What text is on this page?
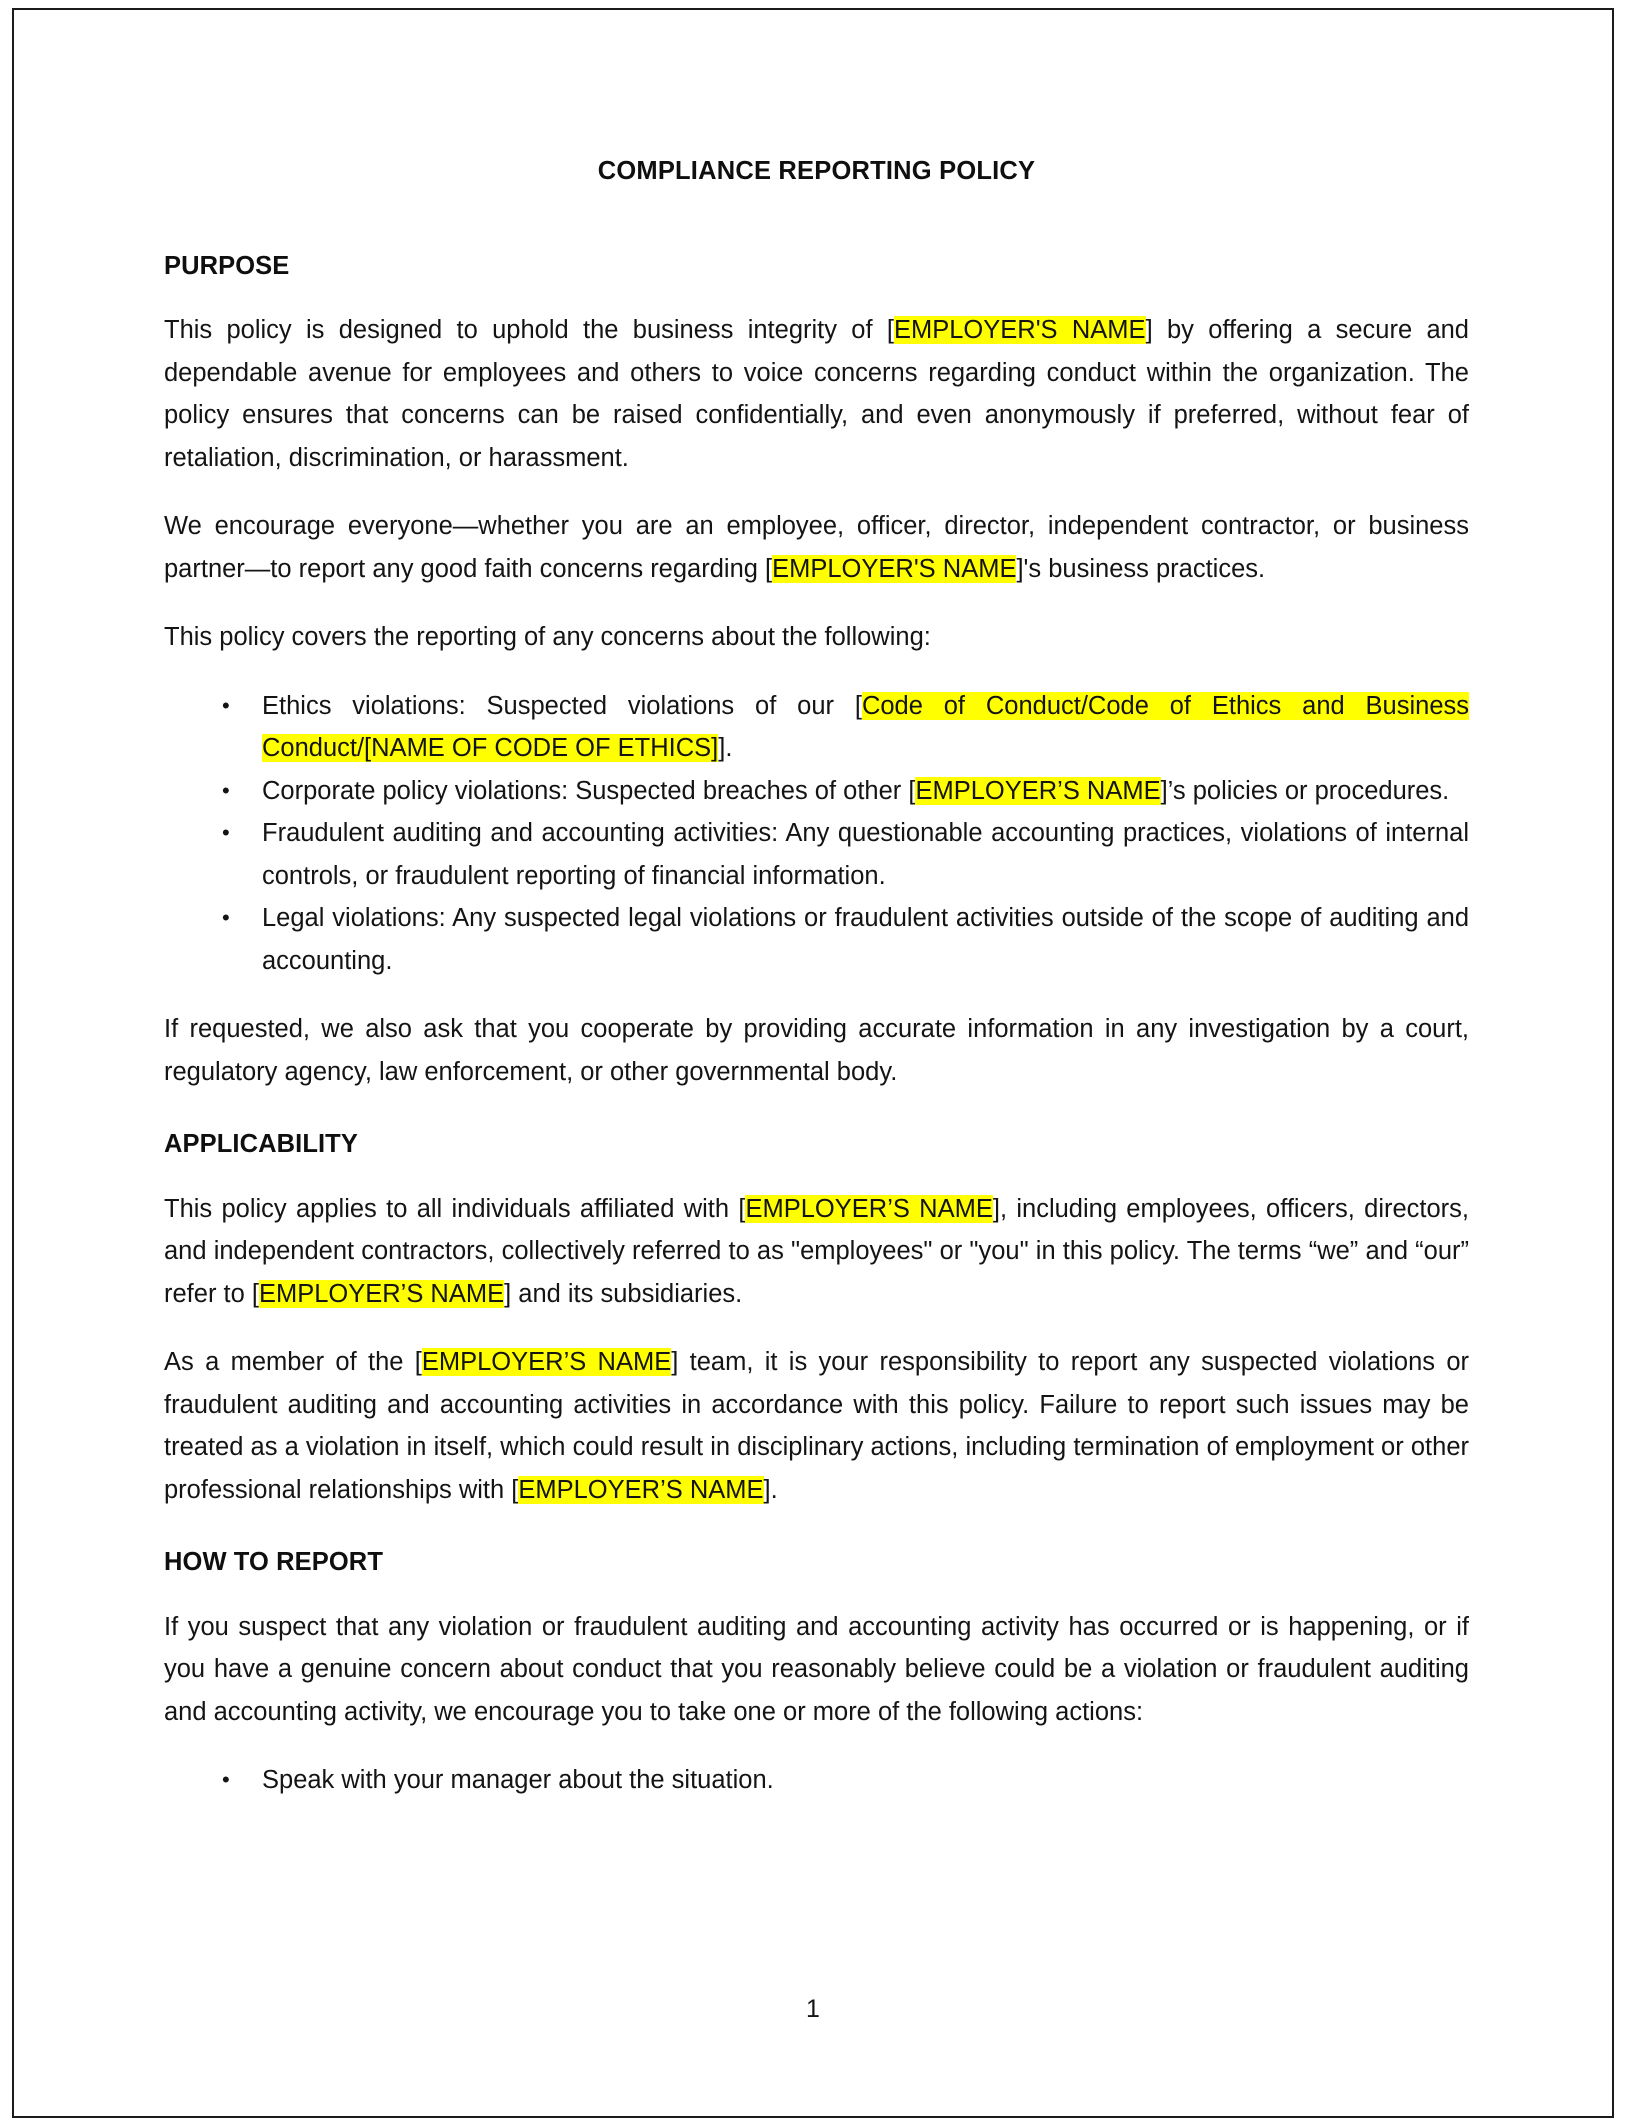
COMPLIANCE REPORTING POLICY
PURPOSE

This policy is designed to uphold the business integrity of [EMPLOYER'S NAME] by offering a secure and dependable avenue for employees and others to voice concerns regarding conduct within the organization. The policy ensures that concerns can be raised confidentially, and even anonymously if preferred, without fear of retaliation, discrimination, or harassment.

We encourage everyone—whether you are an employee, officer, director, independent contractor, or business partner—to report any good faith concerns regarding [EMPLOYER'S NAME]'s business practices.

This policy covers the reporting of any concerns about the following:

• Ethics violations: Suspected violations of our [Code of Conduct/Code of Ethics and Business Conduct/[NAME OF CODE OF ETHICS]].
• Corporate policy violations: Suspected breaches of other [EMPLOYER’S NAME]’s policies or procedures.
• Fraudulent auditing and accounting activities: Any questionable accounting practices, violations of internal controls, or fraudulent reporting of financial information.
• Legal violations: Any suspected legal violations or fraudulent activities outside of the scope of auditing and accounting.

If requested, we also ask that you cooperate by providing accurate information in any investigation by a court, regulatory agency, law enforcement, or other governmental body.

APPLICABILITY

This policy applies to all individuals affiliated with [EMPLOYER’S NAME], including employees, officers, directors, and independent contractors, collectively referred to as "employees" or "you" in this policy. The terms “we” and “our” refer to [EMPLOYER’S NAME] and its subsidiaries.

As a member of the [EMPLOYER’S NAME] team, it is your responsibility to report any suspected violations or fraudulent auditing and accounting activities in accordance with this policy. Failure to report such issues may be treated as a violation in itself, which could result in disciplinary actions, including termination of employment or other professional relationships with [EMPLOYER’S NAME].

HOW TO REPORT

If you suspect that any violation or fraudulent auditing and accounting activity has occurred or is happening, or if you have a genuine concern about conduct that you reasonably believe could be a violation or fraudulent auditing and accounting activity, we encourage you to take one or more of the following actions:

• Speak with your manager about the situation.
1
